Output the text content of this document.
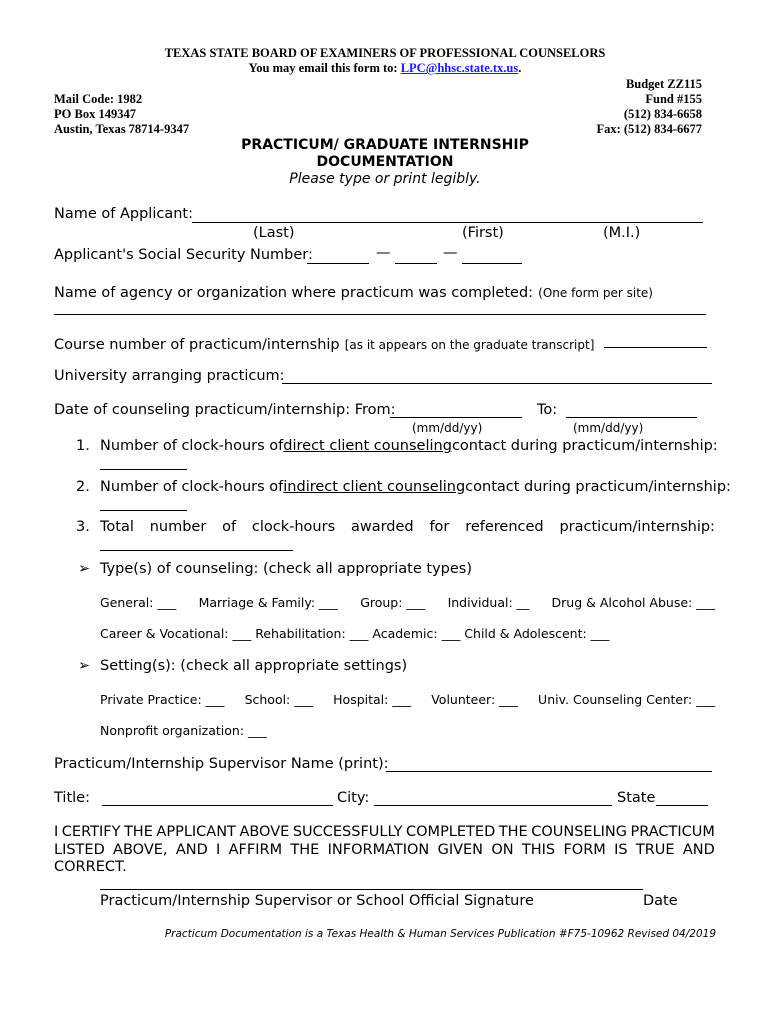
TEXAS STATE BOARD OF EXAMINERS OF PROFESSIONAL COUNSELORS
You may email this form to: LPC@hhsc.state.tx.us.
Budget ZZ115
Fund #155
(512) 834-6658
Fax: (512) 834-6677
Mail Code: 1982
PO Box 149347
Austin, Texas 78714-9347
PRACTICUM/ GRADUATE INTERNSHIP
DOCUMENTATION
Please type or print legibly.
Name of Applicant:
(Last)	(First)	(M.I.)
Applicant's Social Security Number:	—	—
Name of agency or organization where practicum was completed: (One form per site)
Course number of practicum/internship [as it appears on the graduate transcript]
University arranging practicum:
Date of counseling practicum/internship: From:	To:
(mm/dd/yy)	(mm/dd/yy)
1. Number of clock-hours of direct client counseling contact during practicum/internship:
2. Number of clock-hours of indirect client counseling contact during practicum/internship:
3. Total number of clock-hours awarded for referenced practicum/internship:
➢ Type(s) of counseling: (check all appropriate types)
General: ___ Marriage & Family: ___ Group: ___ Individual: __ Drug & Alcohol Abuse: ___
Career & Vocational: ___ Rehabilitation: ___ Academic: ___ Child & Adolescent: ___
➢ Setting(s): (check all appropriate settings)
Private Practice: ___ School: ___ Hospital: ___ Volunteer: ___ Univ. Counseling Center: ___
Nonprofit organization: ___
Practicum/Internship Supervisor Name (print):
Title:	City:	State
I CERTIFY THE APPLICANT ABOVE SUCCESSFULLY COMPLETED THE COUNSELING PRACTICUM
LISTED ABOVE, AND I AFFIRM THE INFORMATION GIVEN ON THIS FORM IS TRUE AND
CORRECT.
Practicum/Internship Supervisor or School Official Signature	Date
Practicum Documentation is a Texas Health & Human Services Publication #F75-10962 Revised 04/2019
